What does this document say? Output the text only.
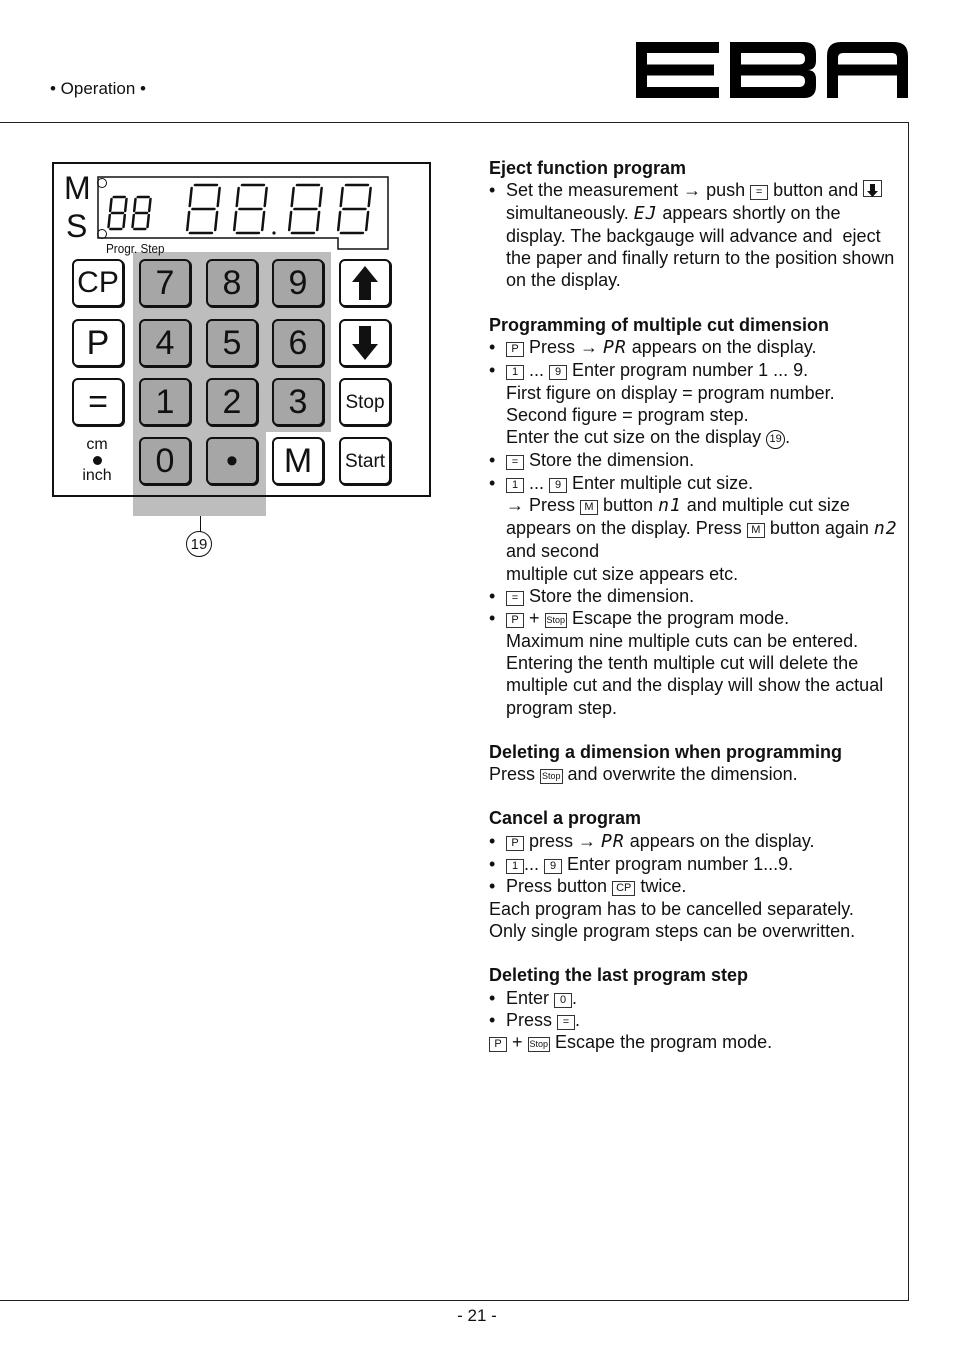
• Operation •
M
S
Progr. Step
CP
P
=
7	8	9
4	5	6
1	2	3
0	•	M
Stop
Start
cm
inch
19

Eject function program

• Set the measurement → push = button and  simultaneously. EJ appears shortly on the display. The backgauge will advance and  eject the paper and finally return to the position shown on the display.

Programming of multiple cut dimension

• P Press → PR appears on the display.

• 1 ... 9 Enter program number 1 ... 9.

First figure on display = program number.

Second figure = program step.

Enter the cut size on the display 19 .

• = Store the dimension.

• 1 ... 9 Enter multiple cut size.

→ Press M button n1 and multiple cut size appears on the display. Press M button again n2 and second

multiple cut size appears etc.

• = Store the dimension.

• P + Stop Escape the program mode.

Maximum nine multiple cuts can be entered. Entering the tenth multiple cut will delete the multiple cut and the display will show the actual program step.

Deleting a dimension when programming

Press Stop and overwrite the dimension.

Cancel a program

• P press → PR appears on the display.

• 1 ... 9 Enter program number 1...9.

• Press button CP twice.

Each program has to be cancelled separately.

Only single program steps can be overwritten.

Deleting the last program step

• Enter 0 .

• Press = .

P + Stop Escape the program mode.

- 21 -
